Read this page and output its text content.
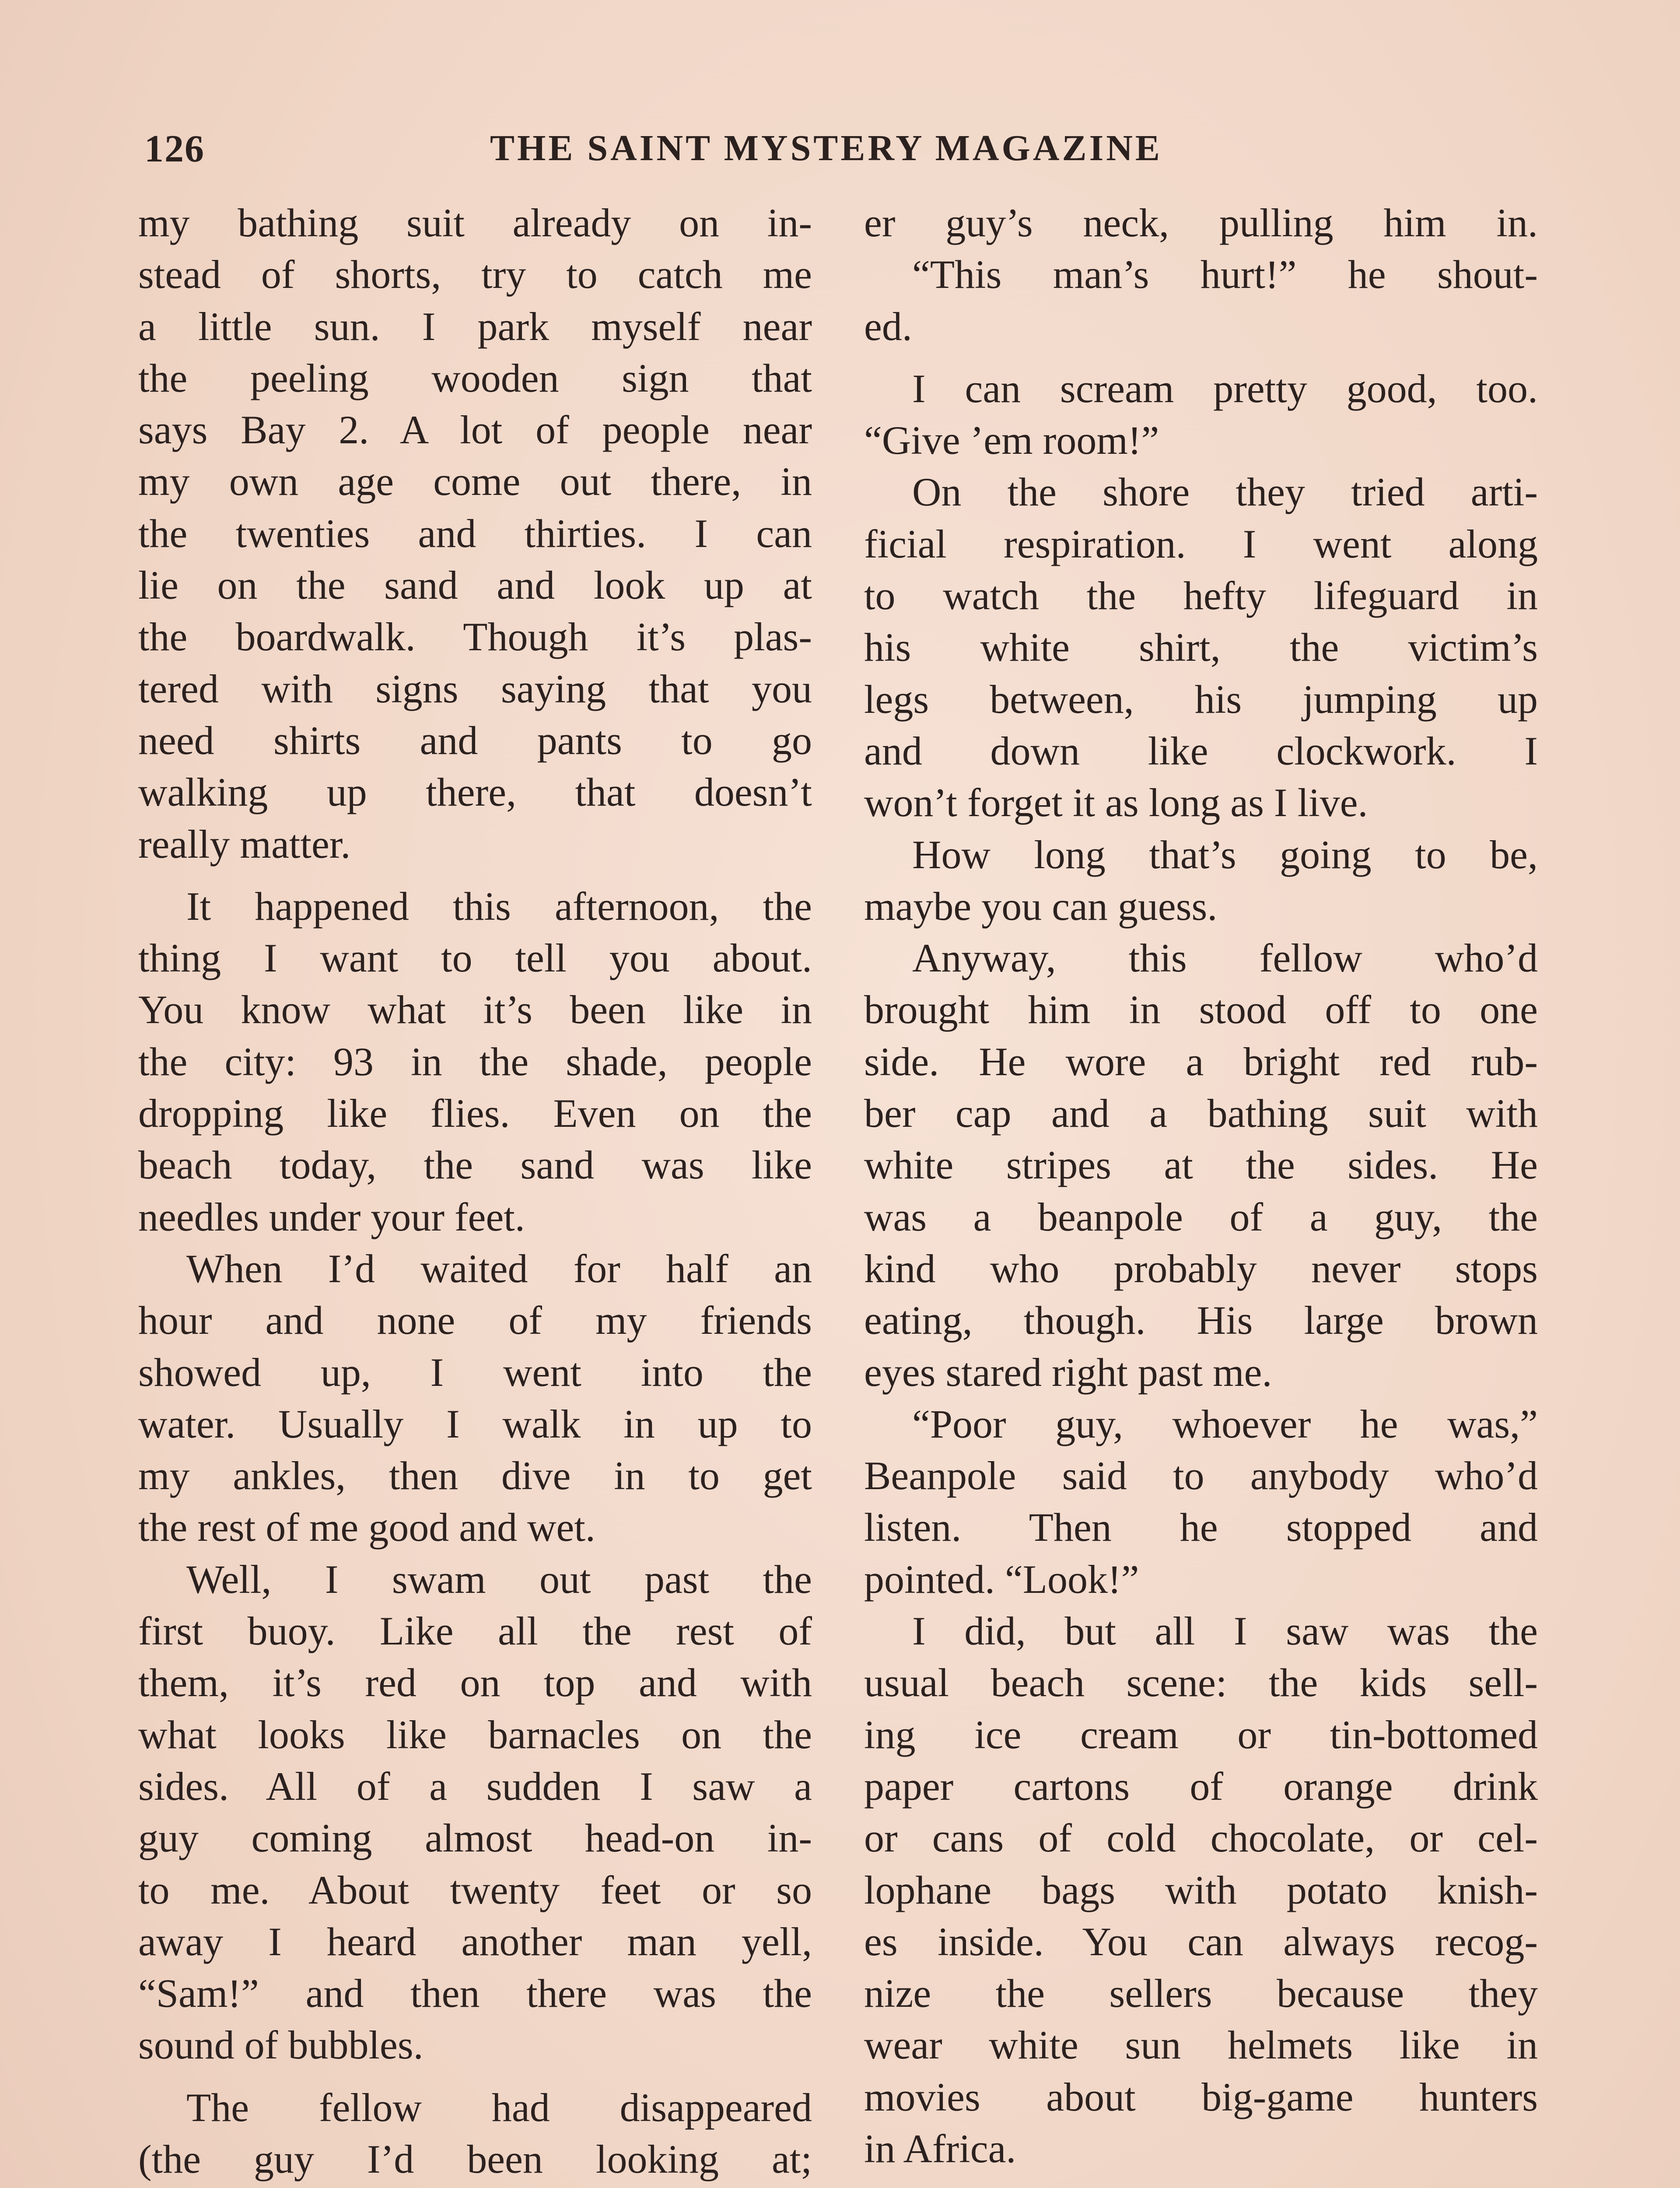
126	THE SAINT MYSTERY MAGAZINE
my bathing suit already on in-
stead of shorts, try to catch me
a little sun. I park myself near
the peeling wooden sign that
says Bay 2. A lot of people near
my own age come out there, in
the twenties and thirties. I can
lie on the sand and look up at
the boardwalk. Though it’s plas-
tered with signs saying that you
need shirts and pants to go
walking up there, that doesn’t
really matter.
It happened this afternoon, the
thing I want to tell you about.
You know what it’s been like in
the city: 93 in the shade, people
dropping like flies. Even on the
beach today, the sand was like
needles under your feet.
When I’d waited for half an
hour and none of my friends
showed up, I went into the
water. Usually I walk in up to
my ankles, then dive in to get
the rest of me good and wet.
Well, I swam out past the
first buoy. Like all the rest of
them, it’s red on top and with
what looks like barnacles on the
sides. All of a sudden I saw a
guy coming almost head-on in-
to me. About twenty feet or so
away I heard another man yell,
“Sam!” and then there was the
sound of bubbles.
The fellow had disappeared
(the guy I’d been looking at;
er guy’s neck, pulling him in.
“This man’s hurt!” he shout-
ed.
I can scream pretty good, too.
“Give ’em room!”
On the shore they tried arti-
ficial respiration. I went along
to watch the hefty lifeguard in
his white shirt, the victim’s
legs between, his jumping up
and down like clockwork. I
won’t forget it as long as I live.
How long that’s going to be,
maybe you can guess.
Anyway, this fellow who’d
brought him in stood off to one
side. He wore a bright red rub-
ber cap and a bathing suit with
white stripes at the sides. He
was a beanpole of a guy, the
kind who probably never stops
eating, though. His large brown
eyes stared right past me.
“Poor guy, whoever he was,”
Beanpole said to anybody who’d
listen. Then he stopped and
pointed. “Look!”
I did, but all I saw was the
usual beach scene: the kids sell-
ing ice cream or tin-bottomed
paper cartons of orange drink
or cans of cold chocolate, or cel-
lophane bags with potato knish-
es inside. You can always recog-
nize the sellers because they
wear white sun helmets like in
movies about big-game hunters
in Africa.
